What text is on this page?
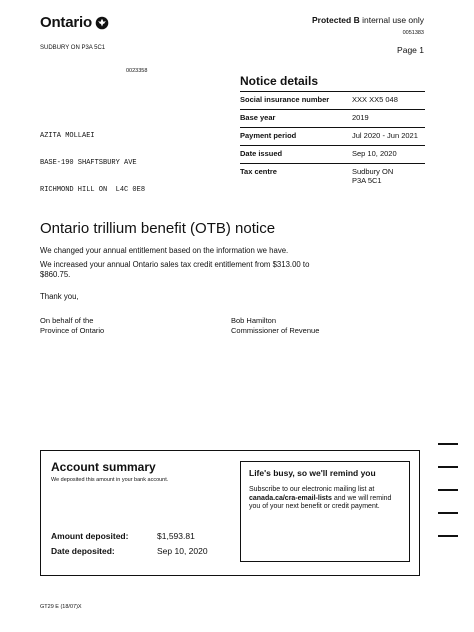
Ontario	Protected B internal use only
0051383
SUDBURY ON P3A 5C1	Page 1
0023358

AZITA MOLLAEI

BASE-190 SHAFTSBURY AVE

RICHMOND HILL ON  L4C 0E8

Notice details
Social insurance number	XXX XX5 048
Base year	2019
Payment period	Jul 2020 - Jun 2021
Date issued	Sep 10, 2020
Tax centre	Sudbury ON
P3A 5C1
Ontario trillium benefit (OTB) notice
We changed your annual entitlement based on the information we have.
We increased your annual Ontario sales tax credit entitlement from $313.00 to
$860.75.
Thank you,
On behalf of the
Province of Ontario
Bob Hamilton
Commissioner of Revenue
Account summary
We deposited this amount in your bank account.
Amount deposited:	$1,593.81
Date deposited:	Sep 10, 2020
Life's busy, so we'll remind you
Subscribe to our electronic mailing list at
canada.ca/cra-email-lists and we will remind
you of your next benefit or credit payment.
GT29 E (18/07)X
